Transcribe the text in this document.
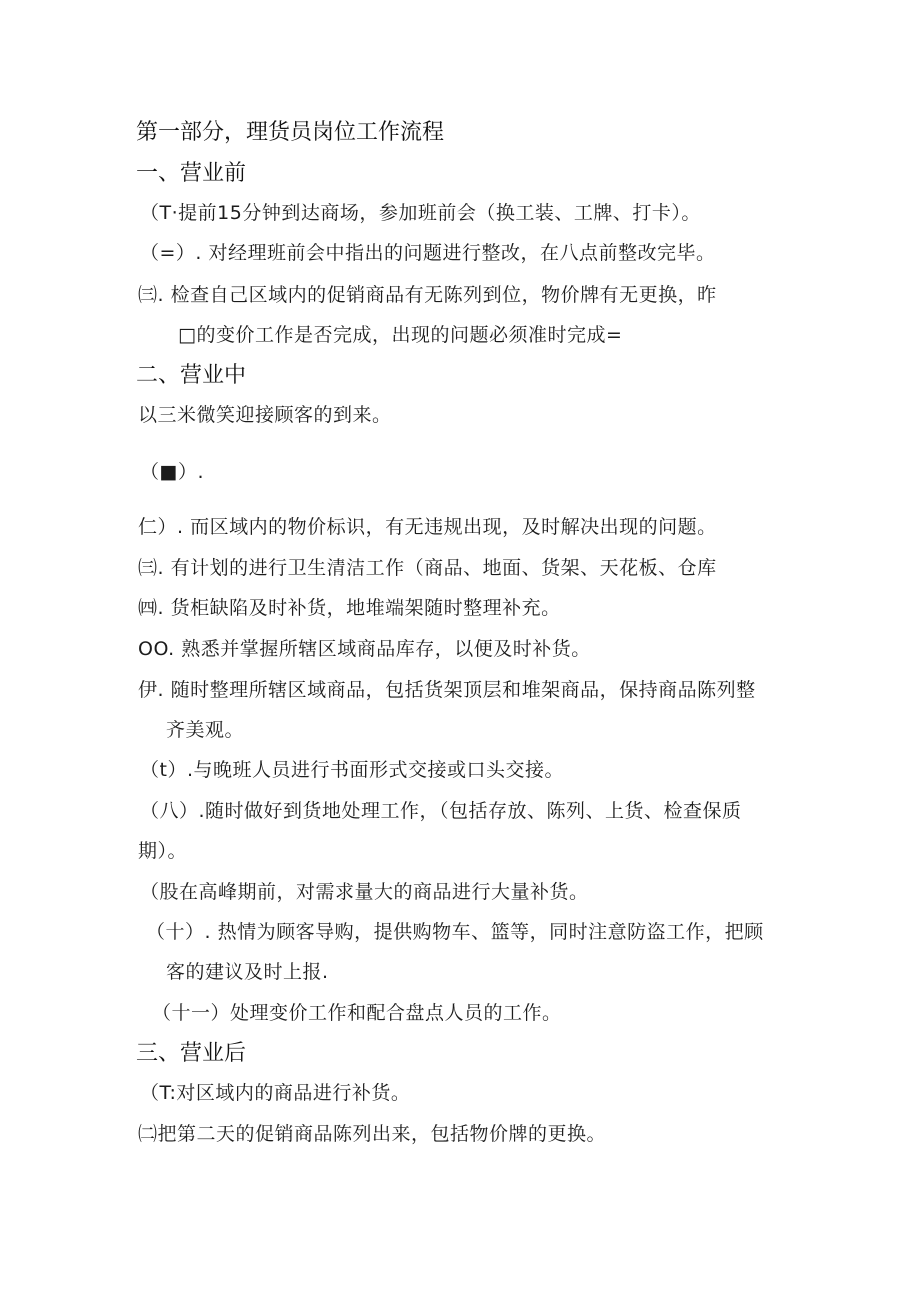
第一部分，理货员岗位工作流程
一、营业前
（T·提前15分钟到达商场，参加班前会（换工装、工牌、打卡）。
（=）. 对经理班前会中指出的问题进行整改，在八点前整改完毕。
㈢. 检查自己区域内的促销商品有无陈列到位，物价牌有无更换，昨
□的变价工作是否完成，出现的问题必须准时完成=
二、营业中
以三米微笑迎接顾客的到来。
（■）.
仁）. 而区域内的物价标识，有无违规出现，及时解决出现的问题。
㈢. 有计划的进行卫生清洁工作（商品、地面、货架、天花板、仓库
㈣. 货柜缺陷及时补货，地堆端架随时整理补充。
OO. 熟悉并掌握所辖区域商品库存，以便及时补货。
伊. 随时整理所辖区域商品，包括货架顶层和堆架商品，保持商品陈列整
齐美观。
（t）.与晚班人员进行书面形式交接或口头交接。
（八）.随时做好到货地处理工作，（包括存放、陈列、上货、检查保质
期）。
（股在高峰期前，对需求量大的商品进行大量补货。
（十）. 热情为顾客导购，提供购物车、篮等，同时注意防盗工作，把顾
客的建议及时上报.
（十一）处理变价工作和配合盘点人员的工作。
三、营业后
（T:对区域内的商品进行补货。
㈡把第二天的促销商品陈列出来，包括物价牌的更换。
